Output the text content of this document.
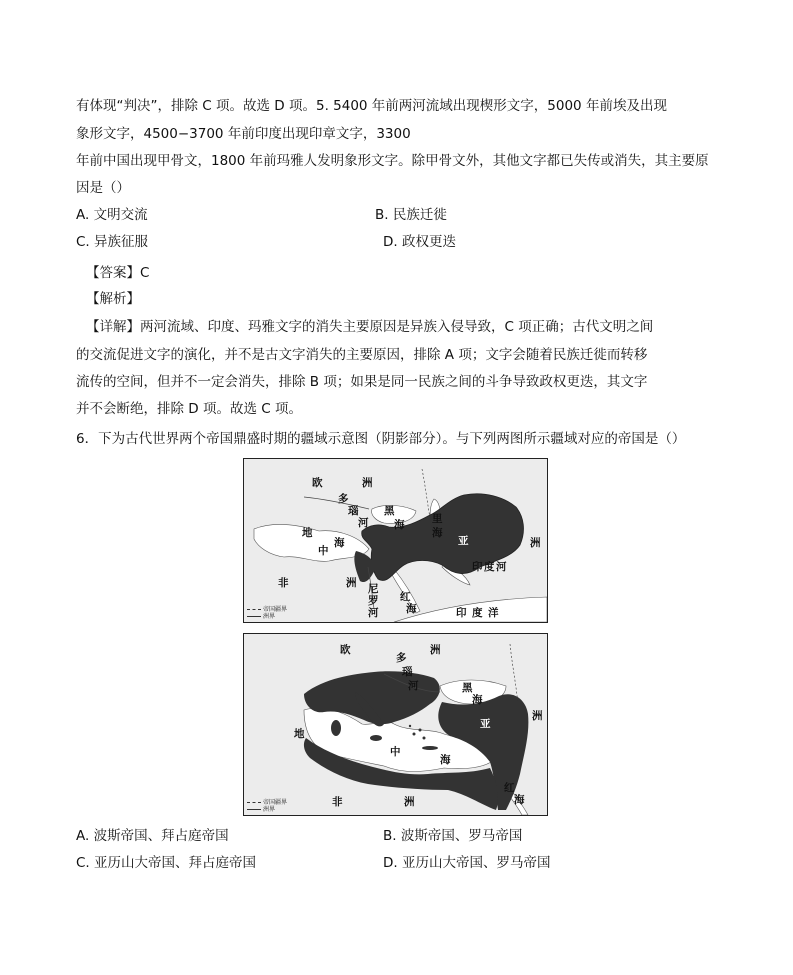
有体现“判决”，排除 C 项。故选 D 项。5. 5400 年前两河流域出现楔形文字，5000 年前埃及出现
象形文字，4500−3700 年前印度出现印章文字，3300
年前中国出现甲骨文，1800 年前玛雅人发明象形文字。除甲骨文外，其他文字都已失传或消失，其主要原
因是（）
A. 文明交流	B. 民族迁徙
C. 异族征服	D. 政权更迭
【答案】C
【解析】
【详解】两河流域、印度、玛雅文字的消失主要原因是异族入侵导致，C 项正确；古代文明之间
的交流促进文字的演化，并不是古文字消失的主要原因，排除 A 项；文字会随着民族迁徙而转移
流传的空间，但并不一定会消失，排除 B 项；如果是同一民族之间的斗争导致政权更迭，其文字
并不会断绝，排除 D 项。故选 C 项。
6．下为古代世界两个帝国鼎盛时期的疆域示意图（阴影部分）。与下列两图所示疆域对应的帝国是（）
欧	洲
多
瑙
河
黑
海	里
海
亚	洲
地
中
海
非	洲 尼
罗
河
红
海
印 度 河
印 度 洋
帝国疆界
洲界
欧	洲
多
瑙
河	黑
海
亚
洲
地
中
海
非	洲
红
海
帝国疆界
洲界
A. 波斯帝国、拜占庭帝国	B. 波斯帝国、罗马帝国
C. 亚历山大帝国、拜占庭帝国	D. 亚历山大帝国、罗马帝国
